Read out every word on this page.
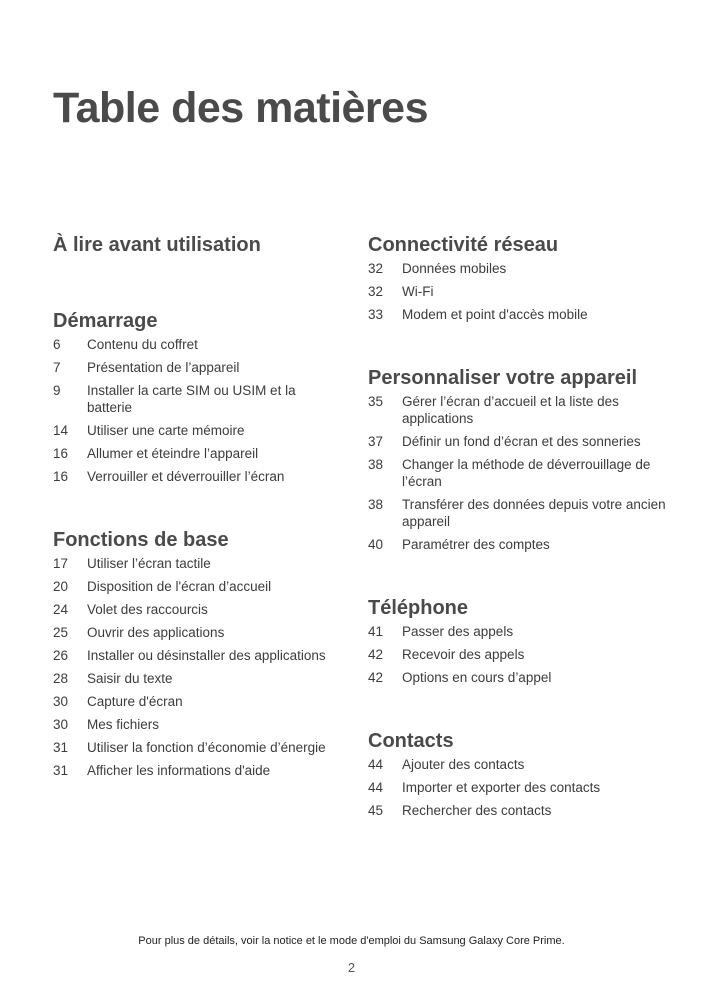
Table des matières
À lire avant utilisation
Démarrage
6	Contenu du coffret
7	Présentation de l’appareil
9	Installer la carte SIM ou USIM et la batterie
14	Utiliser une carte mémoire
16	Allumer et éteindre l’appareil
16	Verrouiller et déverrouiller l’écran
Fonctions de base
17	Utiliser l’écran tactile
20	Disposition de l'écran d’accueil
24	Volet des raccourcis
25	Ouvrir des applications
26	Installer ou désinstaller des applications
28	Saisir du texte
30	Capture d'écran
30	Mes fichiers
31	Utiliser la fonction d’économie d’énergie
31	Afficher les informations d'aide
Connectivité réseau
32	Données mobiles
32	Wi-Fi
33	Modem et point d'accès mobile
Personnaliser votre appareil
35	Gérer l’écran d’accueil et la liste des applications
37	Définir un fond d’écran et des sonneries
38	Changer la méthode de déverrouillage de l’écran
38	Transférer des données depuis votre ancien appareil
40	Paramétrer des comptes
Téléphone
41	Passer des appels
42	Recevoir des appels
42	Options en cours d’appel
Contacts
44	Ajouter des contacts
44	Importer et exporter des contacts
45	Rechercher des contacts
Pour plus de détails, voir la notice et le mode d'emploi du Samsung Galaxy Core Prime.
2
